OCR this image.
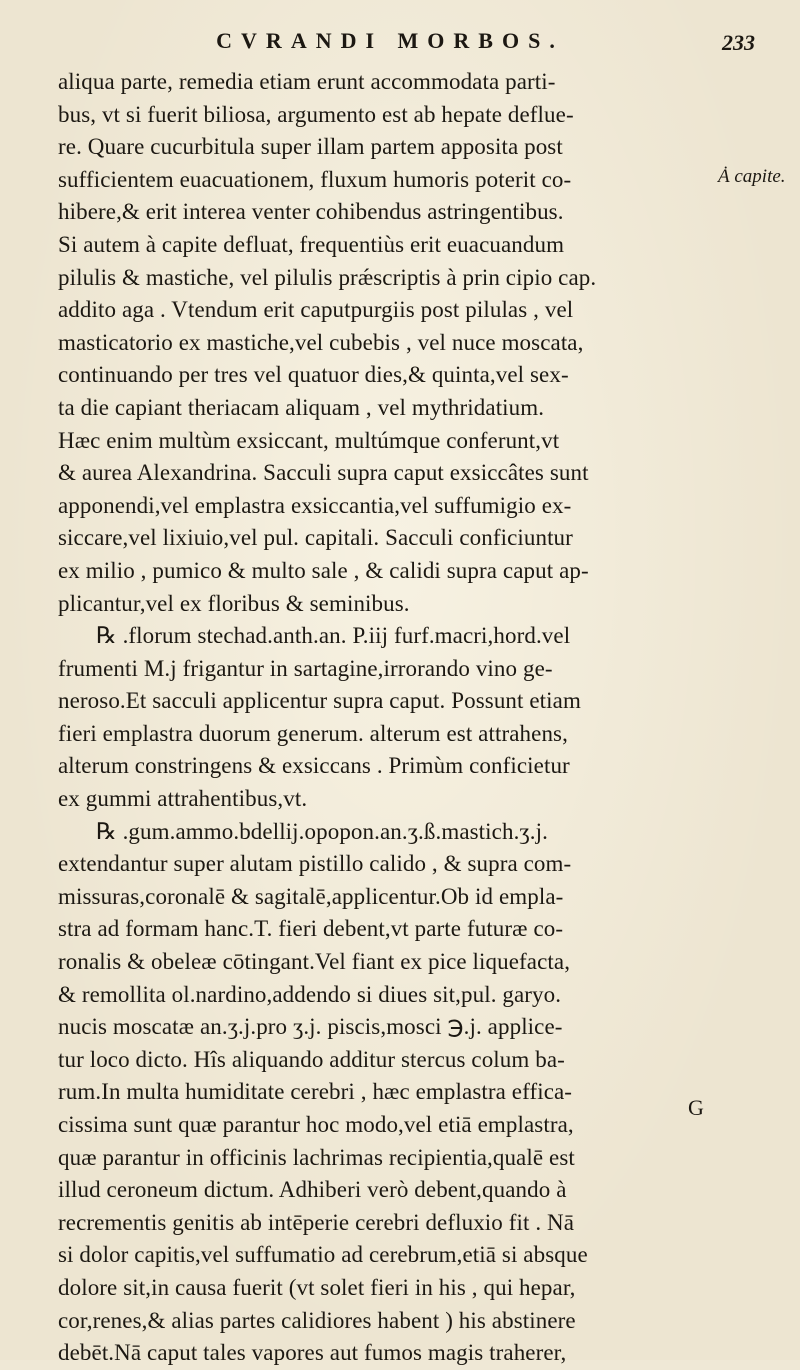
CVRANDI MORBOS.	233
aliqua parte, remedia etiam erunt accommodata parti-
bus, vt si fuerit biliosa, argumento est ab hepate deflue-
re. Quare cucurbitula super illam partem apposita post
sufficientem euacuationem, fluxum humoris poterit co-
hibere,& erit interea venter cohibendus astringentibus.
Si autem à capite defluat, frequentiùs erit euacuandum
pilulis & mastiche, vel pilulis prǽscriptis à prin cipio cap.
addito aga . Vtendum erit caputpurgiis post pilulas , vel
masticatorio ex mastiche,vel cubebis , vel nuce moscata,
continuando per tres vel quatuor dies,& quinta,vel sex-
ta die capiant theriacam aliquam , vel mythridatium.
Hæc enim multùm exsiccant, multúmque conferunt,vt
& aurea Alexandrina. Sacculi supra caput exsiccâtes sunt
apponendi,vel emplastra exsiccantia,vel suffumigio ex-
siccare,vel lixiuio,vel pul. capitali. Sacculi conficiuntur
ex milio , pumico & multo sale , & calidi supra caput ap-
plicantur,vel ex floribus & seminibus.
℞ .florum stechad.anth.an. P.iij furf.macri,hord.vel
frumenti M.j frigantur in sartagine,irrorando vino ge-
neroso.Et sacculi applicentur supra caput. Possunt etiam
fieri emplastra duorum generum. alterum est attrahens,
alterum constringens & exsiccans . Primùm conficietur
ex gummi attrahentibus,vt.
℞ .gum.ammo.bdellij.opopon.an.ʒ.ß.mastich.ʒ.j.
extendantur super alutam pistillo calido , & supra com-
missuras,coronalē & sagitalē,applicentur.Ob id empla-
stra ad formam hanc.T. fieri debent,vt parte futuræ co-
ronalis & obeleæ cōtingant.Vel fiant ex pice liquefacta,
& remollita ol.nardino,addendo si diues sit,pul. garyo.
nucis moscatæ an.ʒ.j.pro ʒ.j. piscis,mosci ℈.j. applice-
tur loco dicto. Hîs aliquando additur stercus colum ba-
rum.In multa humiditate cerebri , hæc emplastra effica-
cissima sunt quæ parantur hoc modo,vel etiā emplastra,
quæ parantur in officinis lachrimas recipientia,qualē est
illud ceroneum dictum. Adhiberi verò debent,quando à
recrementis genitis ab intēperie cerebri defluxio fit . Nā
si dolor capitis,vel suffumatio ad cerebrum,etiā si absque
dolore sit,in causa fuerit (vt solet fieri in his , qui hepar,
cor,renes,& alias partes calidiores habent ) his abstinere
debēt.Nā caput tales vapores aut fumos magis traherer,
Ȧ capite.
G
